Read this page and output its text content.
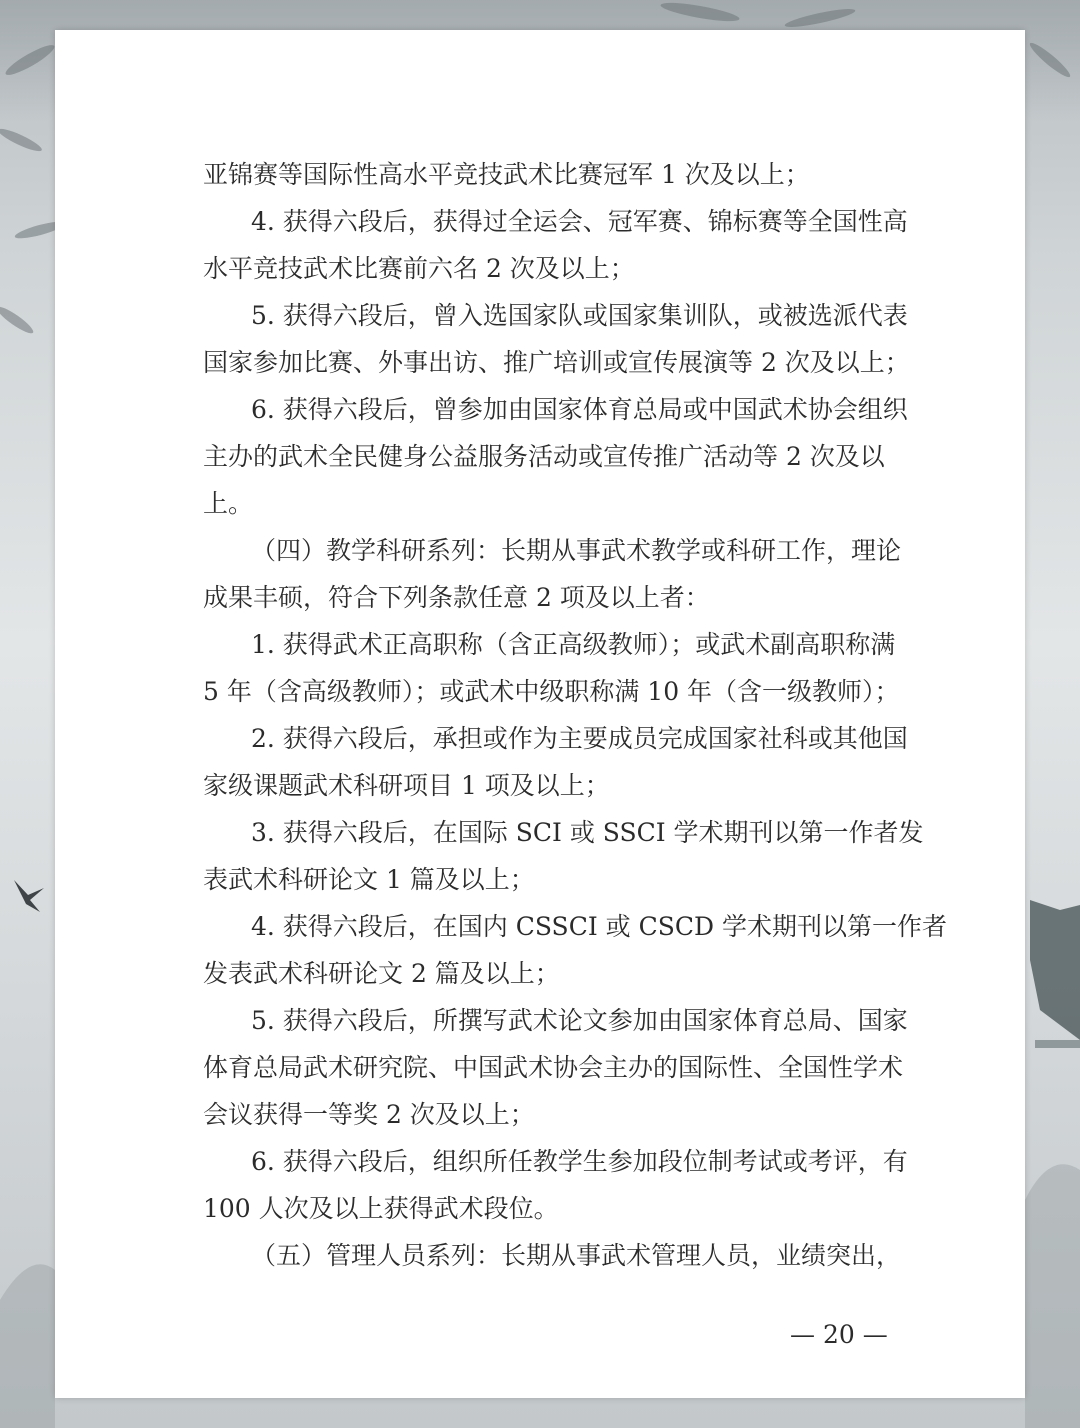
亚锦赛等国际性高水平竞技武术比赛冠军 1 次及以上；

4. 获得六段后，获得过全运会、冠军赛、锦标赛等全国性高

水平竞技武术比赛前六名 2 次及以上；

5. 获得六段后，曾入选国家队或国家集训队，或被选派代表

国家参加比赛、外事出访、推广培训或宣传展演等 2 次及以上；

6. 获得六段后，曾参加由国家体育总局或中国武术协会组织

主办的武术全民健身公益服务活动或宣传推广活动等 2 次及以

上。

（四）教学科研系列：长期从事武术教学或科研工作，理论

成果丰硕，符合下列条款任意 2 项及以上者：

1. 获得武术正高职称（含正高级教师）；或武术副高职称满

5 年（含高级教师）；或武术中级职称满 10 年（含一级教师）；

2. 获得六段后，承担或作为主要成员完成国家社科或其他国

家级课题武术科研项目 1 项及以上；

3. 获得六段后，在国际 SCI 或 SSCI 学术期刊以第一作者发

表武术科研论文 1 篇及以上；

4. 获得六段后，在国内 CSSCI 或 CSCD 学术期刊以第一作者

发表武术科研论文 2 篇及以上；

5. 获得六段后，所撰写武术论文参加由国家体育总局、国家

体育总局武术研究院、中国武术协会主办的国际性、全国性学术

会议获得一等奖 2 次及以上；

6. 获得六段后，组织所任教学生参加段位制考试或考评，有

100 人次及以上获得武术段位。

（五）管理人员系列：长期从事武术管理人员，业绩突出，

— 20 —
